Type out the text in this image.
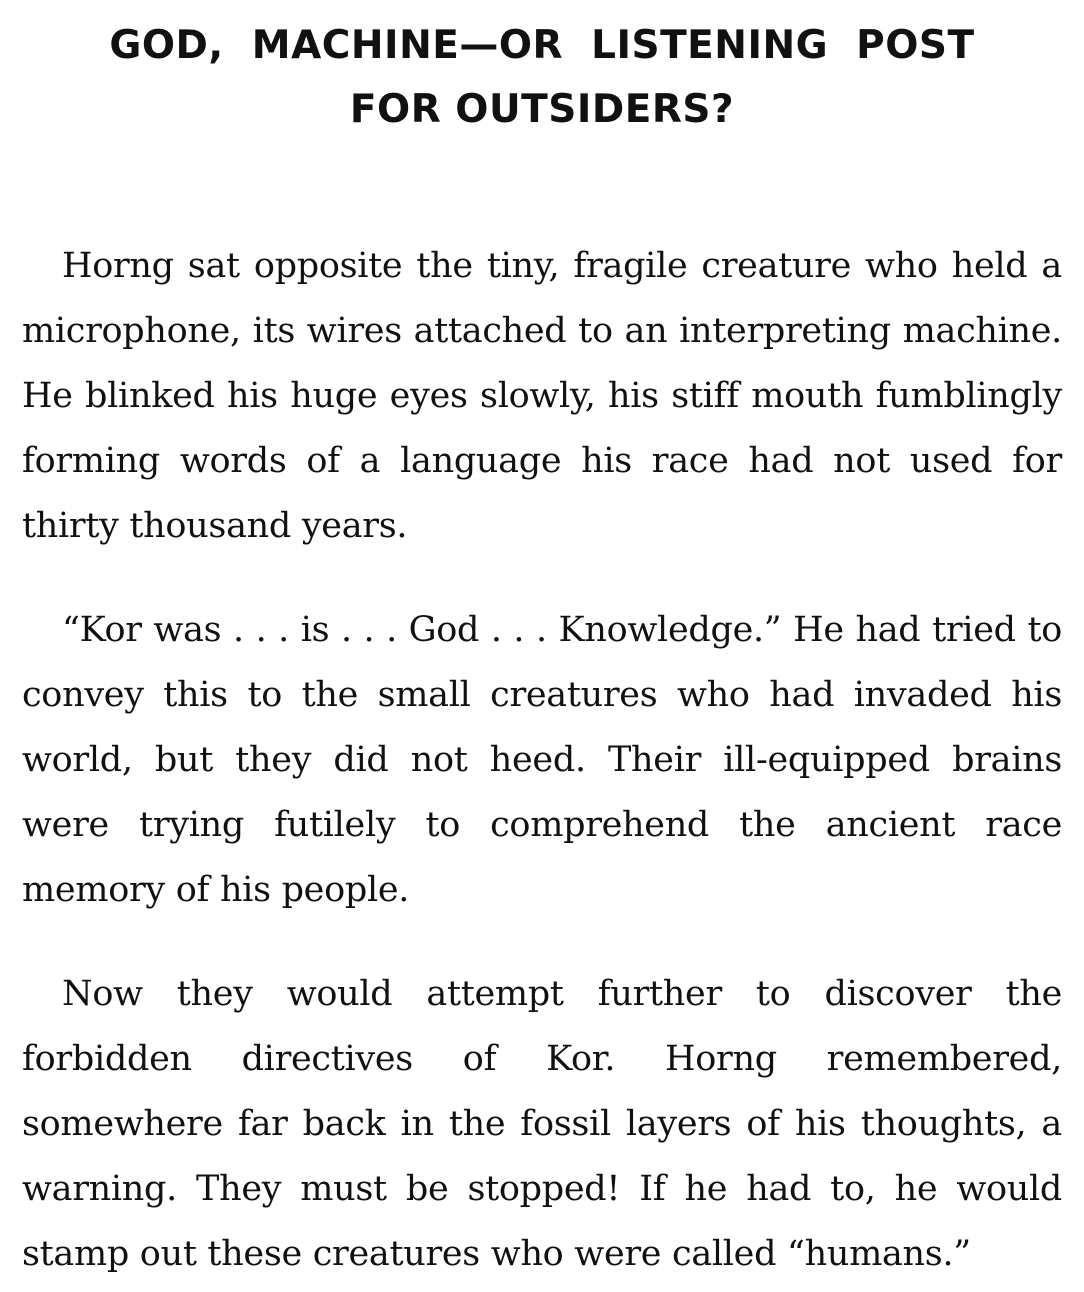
GOD, MACHINE—OR LISTENING POST
FOR OUTSIDERS?

Horng sat opposite the tiny, fragile creature who held a microphone, its wires attached to an interpreting machine. He blinked his huge eyes slowly, his stiff mouth fumblingly forming words of a language his race had not used for thirty thousand years.

“Kor was . . . is . . . God . . . Knowledge.” He had tried to convey this to the small creatures who had invaded his world, but they did not heed. Their ill-equipped brains were trying futilely to comprehend the ancient race memory of his people.

Now they would attempt further to discover the forbidden directives of Kor. Horng remembered, somewhere far back in the fossil layers of his thoughts, a warning. They must be stopped! If he had to, he would stamp out these creatures who were called “humans.”
